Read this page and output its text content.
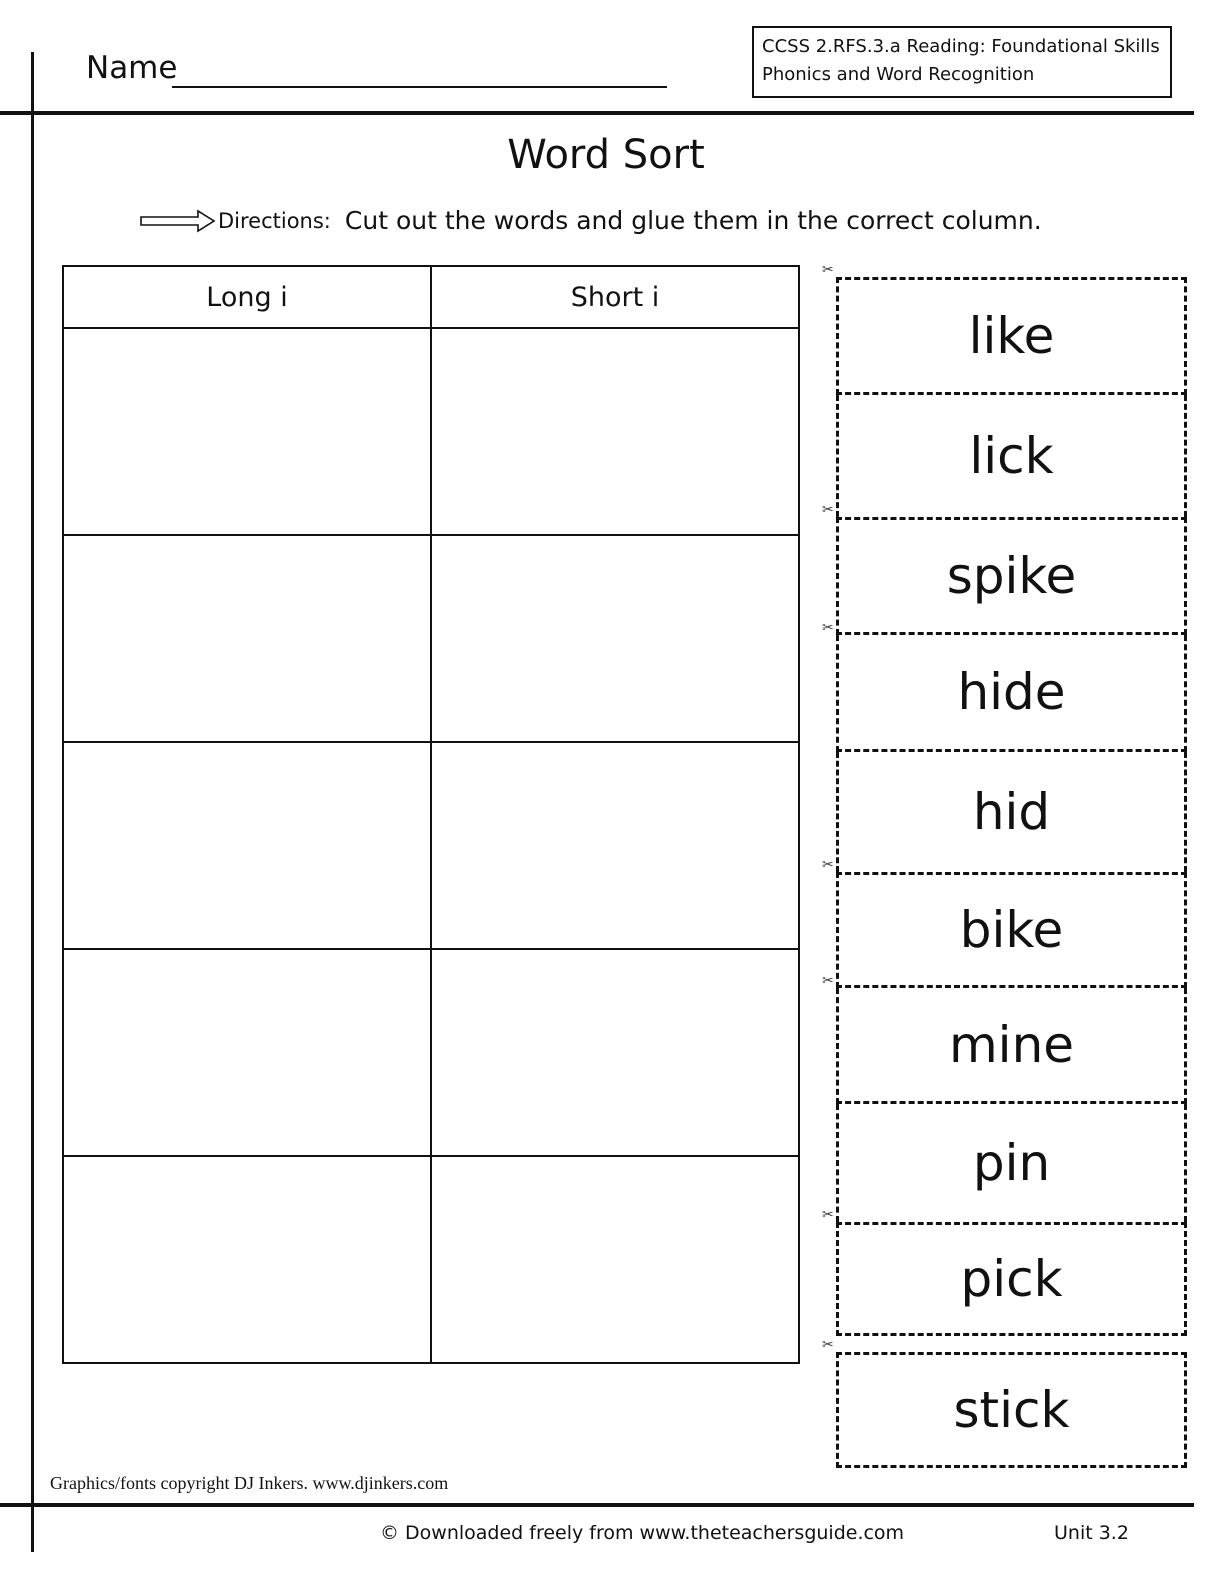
Name
CCSS 2.RFS.3.a Reading: Foundational Skills
Phonics and Word Recognition
Word Sort
Directions: Cut out the words and glue them in the correct column.
Long i	Short i

✂
like
lick
✂
spike
✂
hide
hid
✂
bike
✂
mine
pin
✂
pick
✂
stick
Graphics/fonts copyright DJ Inkers. www.djinkers.com
© Downloaded freely from www.theteachersguide.com	Unit 3.2
